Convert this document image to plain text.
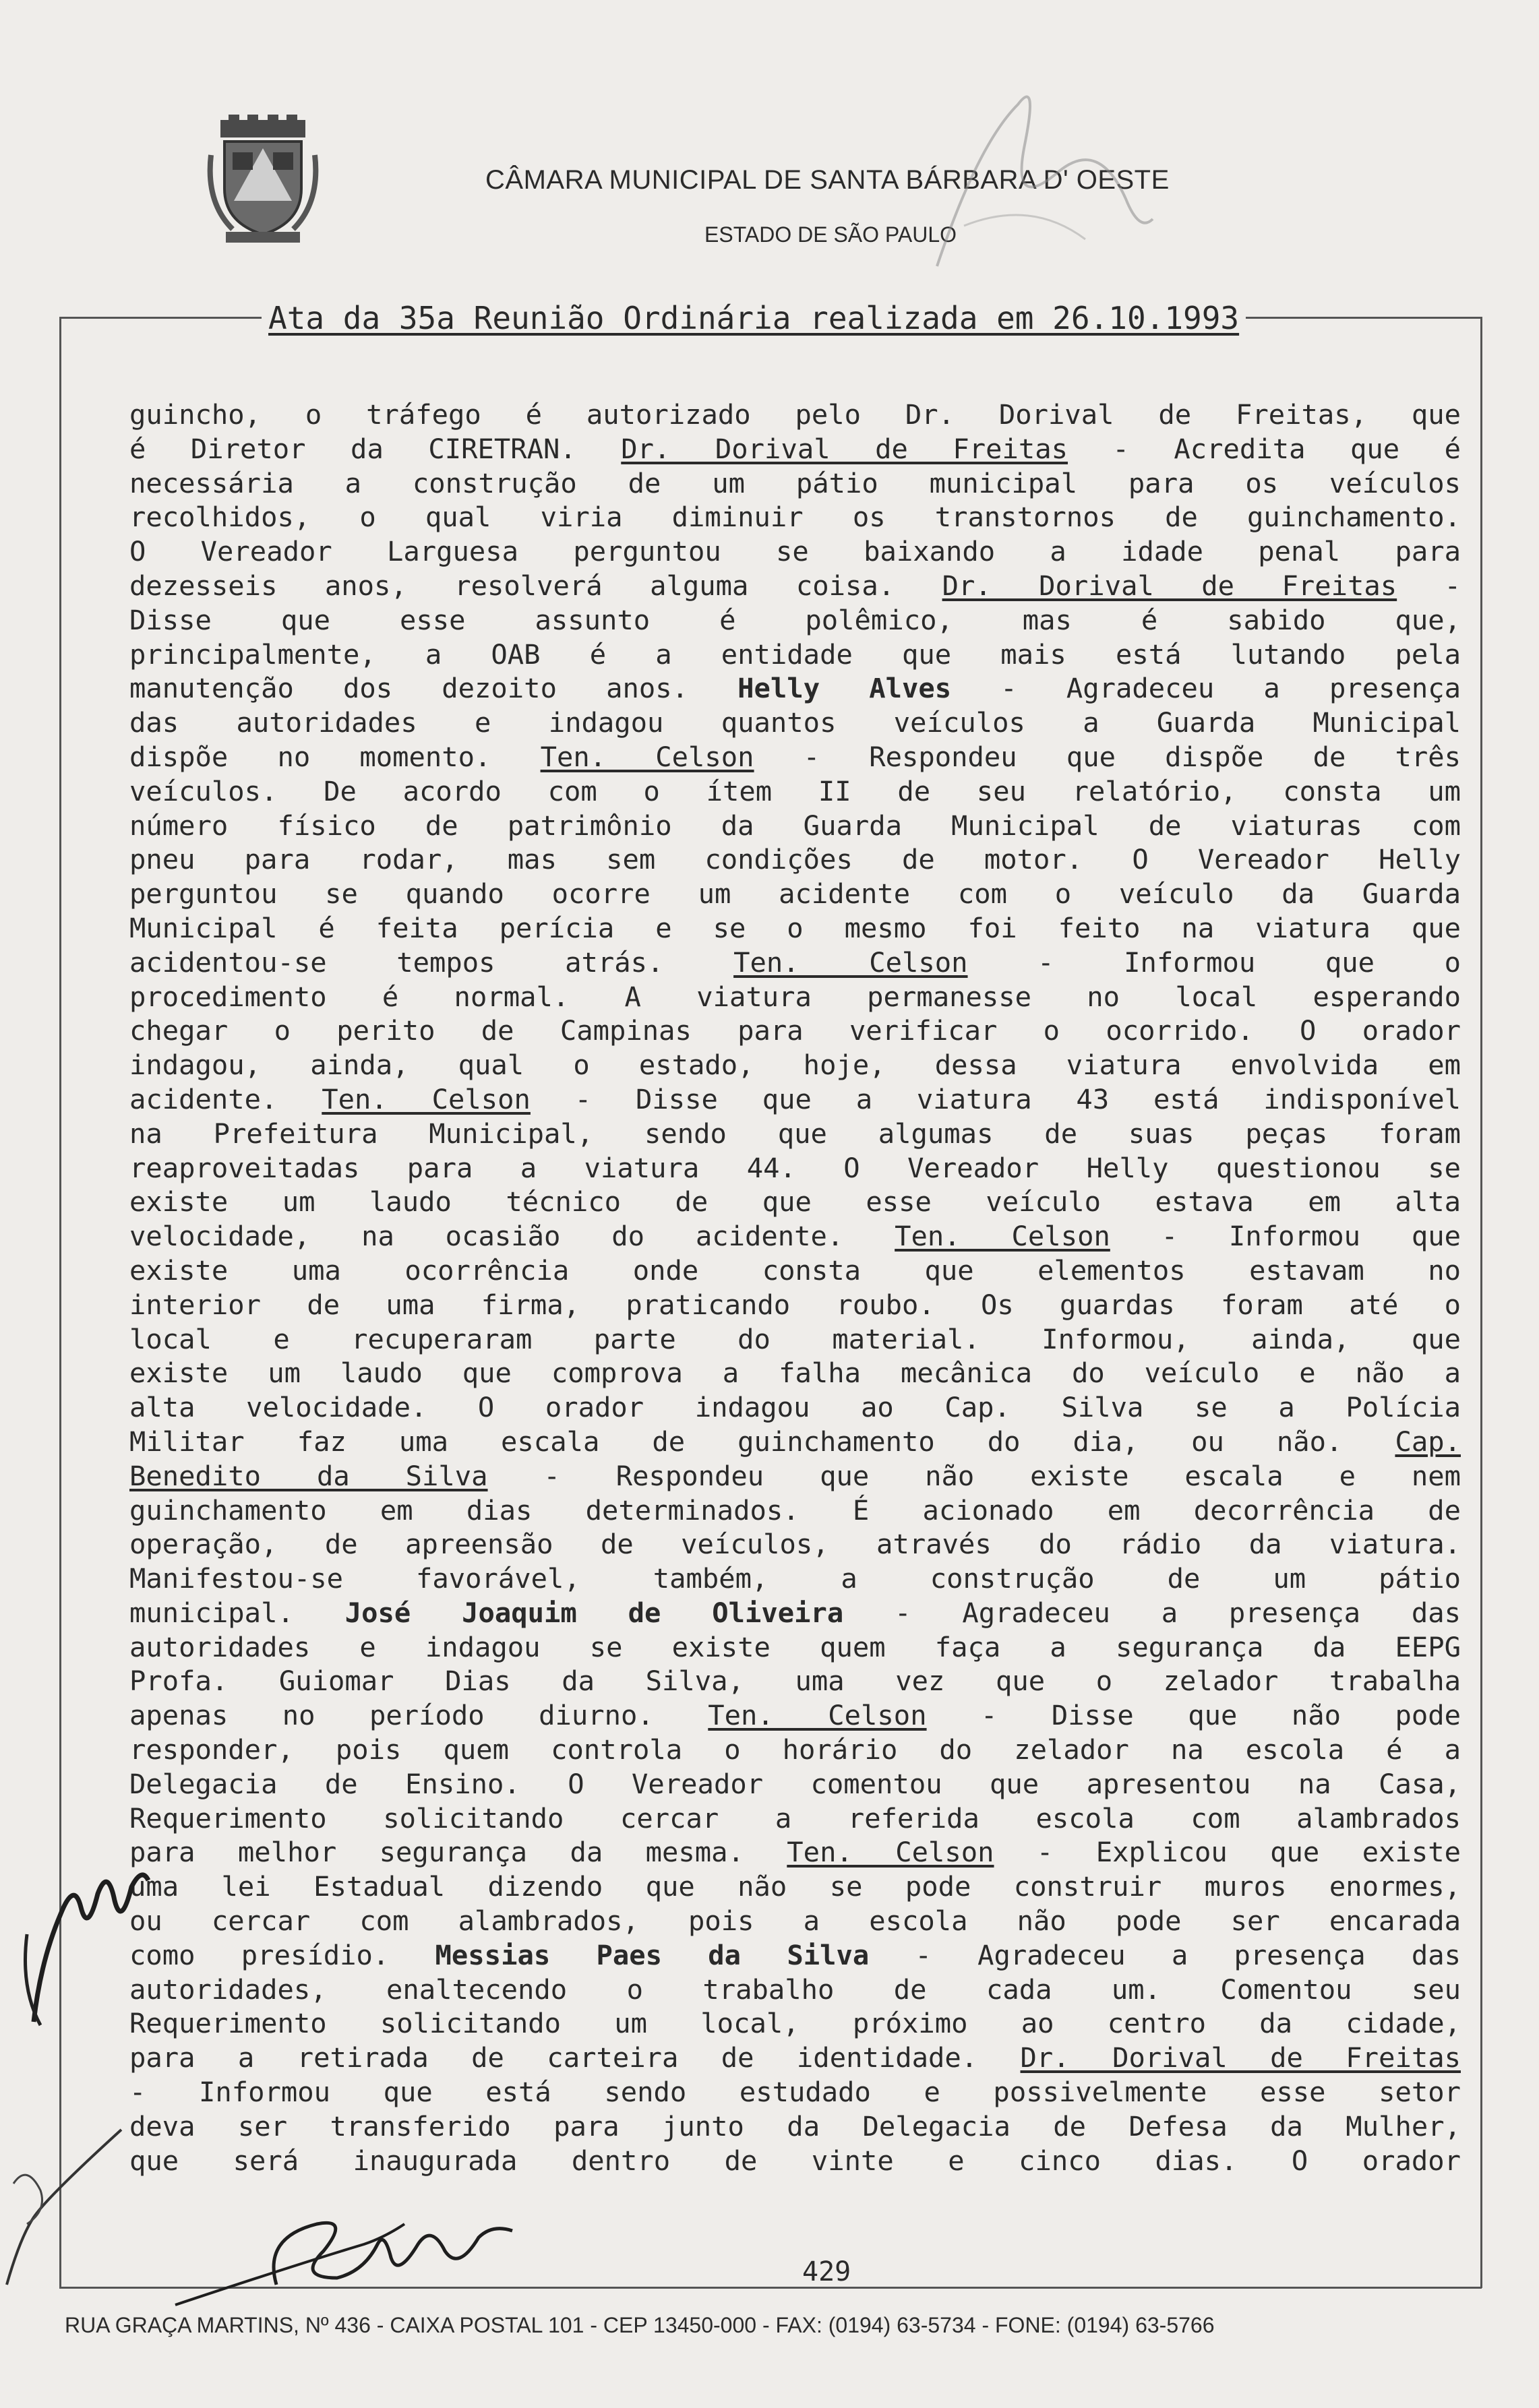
CÂMARA MUNICIPAL DE SANTA BÁRBARA D' OESTE
ESTADO DE SÃO PAULO
Ata da 35a Reunião Ordinária realizada em 26.10.1993
guincho, o tráfego é autorizado pelo Dr. Dorival de Freitas, que
é Diretor da CIRETRAN. Dr. Dorival de Freitas - Acredita que é
necessária a construção de um pátio municipal para os veículos
recolhidos, o qual viria diminuir os transtornos de guinchamento.
O Vereador Larguesa perguntou se baixando a idade penal para
dezesseis anos, resolverá alguma coisa. Dr. Dorival de Freitas -
Disse que esse assunto é polêmico, mas é sabido que,
principalmente, a OAB é a entidade que mais está lutando pela
manutenção dos dezoito anos. Helly Alves - Agradeceu a presença
das autoridades e indagou quantos veículos a Guarda Municipal
dispõe no momento. Ten. Celson - Respondeu que dispõe de três
veículos. De acordo com o ítem II de seu relatório, consta um
número físico de patrimônio da Guarda Municipal de viaturas com
pneu para rodar, mas sem condições de motor. O Vereador Helly
perguntou se quando ocorre um acidente com o veículo da Guarda
Municipal é feita perícia e se o mesmo foi feito na viatura que
acidentou-se tempos atrás. Ten. Celson - Informou que o
procedimento é normal. A viatura permanesse no local esperando
chegar o perito de Campinas para verificar o ocorrido. O orador
indagou, ainda, qual o estado, hoje, dessa viatura envolvida em
acidente. Ten. Celson - Disse que a viatura 43 está indisponível
na Prefeitura Municipal, sendo que algumas de suas peças foram
reaproveitadas para a viatura 44. O Vereador Helly questionou se
existe um laudo técnico de que esse veículo estava em alta
velocidade, na ocasião do acidente. Ten. Celson - Informou que
existe uma ocorrência onde consta que elementos estavam no
interior de uma firma, praticando roubo. Os guardas foram até o
local e recuperaram parte do material. Informou, ainda, que
existe um laudo que comprova a falha mecânica do veículo e não a
alta velocidade. O orador indagou ao Cap. Silva se a Polícia
Militar faz uma escala de guinchamento do dia, ou não. Cap.
Benedito da Silva - Respondeu que não existe escala e nem
guinchamento em dias determinados. É acionado em decorrência de
operação, de apreensão de veículos, através do rádio da viatura.
Manifestou-se favorável, também, a construção de um pátio
municipal. José Joaquim de Oliveira - Agradeceu a presença das
autoridades e indagou se existe quem faça a segurança da EEPG
Profa. Guiomar Dias da Silva, uma vez que o zelador trabalha
apenas no período diurno. Ten. Celson - Disse que não pode
responder, pois quem controla o horário do zelador na escola é a
Delegacia de Ensino. O Vereador comentou que apresentou na Casa,
Requerimento solicitando cercar a referida escola com alambrados
para melhor segurança da mesma. Ten. Celson - Explicou que existe
uma lei Estadual dizendo que não se pode construir muros enormes,
ou cercar com alambrados, pois a escola não pode ser encarada
como presídio. Messias Paes da Silva - Agradeceu a presença das
autoridades, enaltecendo o trabalho de cada um. Comentou seu
Requerimento solicitando um local, próximo ao centro da cidade,
para a retirada de carteira de identidade. Dr. Dorival de Freitas
- Informou que está sendo estudado e possivelmente esse setor
deva ser transferido para junto da Delegacia de Defesa da Mulher,
que será inaugurada dentro de vinte e cinco dias. O orador
429
RUA GRAÇA MARTINS, Nº 436 - CAIXA POSTAL 101 - CEP 13450-000 - FAX: (0194) 63-5734 - FONE: (0194) 63-5766
